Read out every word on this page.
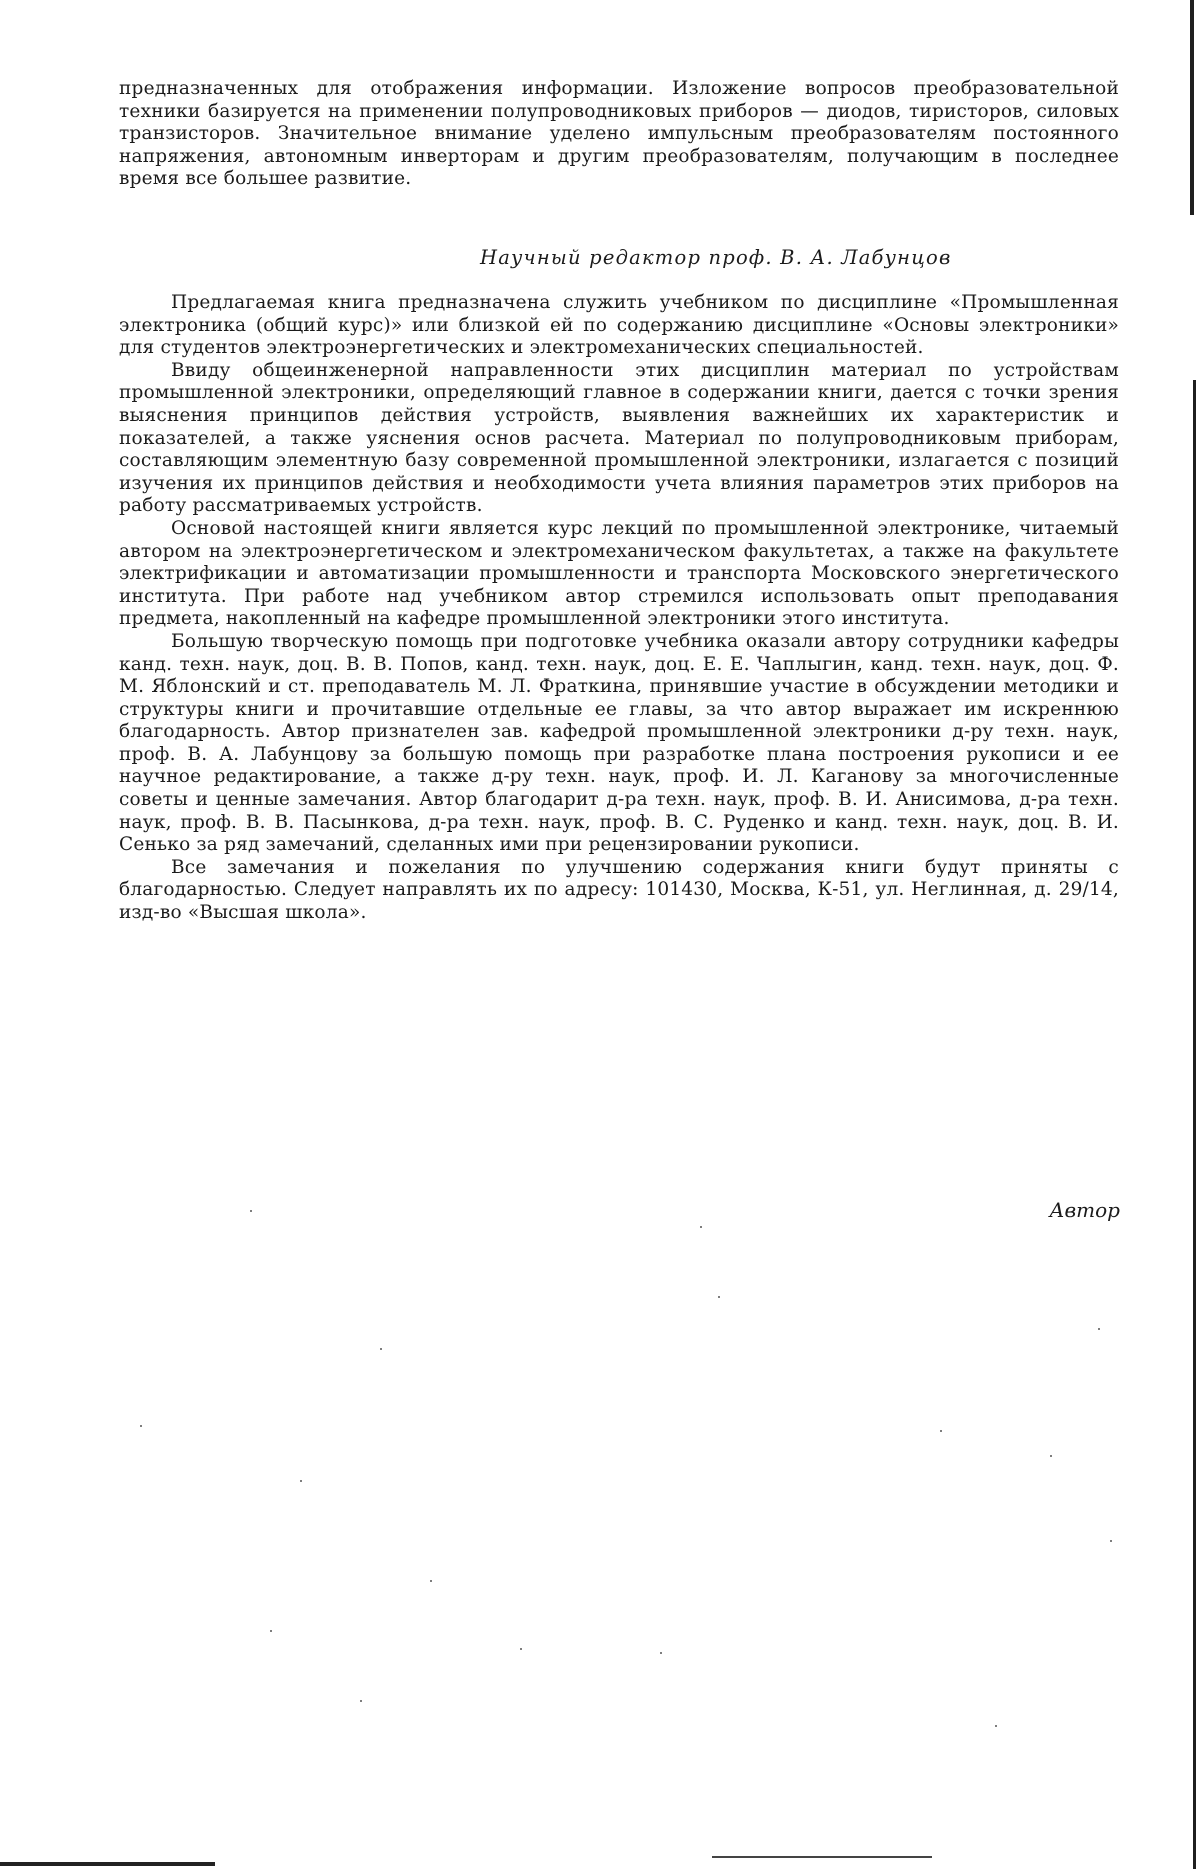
предназначенных для отображения информации. Изложение вопросов преобразовательной техники базируется на применении полупроводниковых приборов — диодов, тиристоров, силовых транзисторов. Значительное внимание уделено импульсным преобразователям постоянного напряжения, автономным инверторам и другим преобразователям, получающим в последнее время все большее развитие.

Научный редактор проф. В. А. Лабунцов

Предлагаемая книга предназначена служить учебником по дисциплине «Промышленная электроника (общий курс)» или близкой ей по содержанию дисциплине «Основы электроники» для студентов электроэнергетических и электромеханических специальностей.

Ввиду общеинженерной направленности этих дисциплин материал по устройствам промышленной электроники, определяющий главное в содержании книги, дается с точки зрения выяснения принципов действия устройств, выявления важнейших их характеристик и показателей, а также уяснения основ расчета. Материал по полупроводниковым приборам, составляющим элементную базу современной промышленной электроники, излагается с позиций изучения их принципов действия и необходимости учета влияния параметров этих приборов на работу рассматриваемых устройств.

Основой настоящей книги является курс лекций по промышленной электронике, читаемый автором на электроэнергетическом и электромеханическом факультетах, а также на факультете электрификации и автоматизации промышленности и транспорта Московского энергетического института. При работе над учебником автор стремился использовать опыт преподавания предмета, накопленный на кафедре промышленной электроники этого института.

Большую творческую помощь при подготовке учебника оказали автору сотрудники кафедры канд. техн. наук, доц. В. В. Попов, канд. техн. наук, доц. Е. Е. Чаплыгин, канд. техн. наук, доц. Ф. М. Яблонский и ст. преподаватель М. Л. Фраткина, принявшие участие в обсуждении методики и структуры книги и прочитавшие отдельные ее главы, за что автор выражает им искреннюю благодарность. Автор признателен зав. кафедрой промышленной электроники д-ру техн. наук, проф. В. А. Лабунцову за большую помощь при разработке плана построения рукописи и ее научное редактирование, а также д-ру техн. наук, проф. И. Л. Каганову за многочисленные советы и ценные замечания. Автор благодарит д-ра техн. наук, проф. В. И. Анисимова, д-ра техн. наук, проф. В. В. Пасынкова, д-ра техн. наук, проф. В. С. Руденко и канд. техн. наук, доц. В. И. Сенько за ряд замечаний, сделанных ими при рецензировании рукописи.

Все замечания и пожелания по улучшению содержания книги будут приняты с благодарностью. Следует направлять их по адресу: 101430, Москва, К-51, ул. Неглинная, д. 29/14, изд-во «Высшая школа».

Автор
